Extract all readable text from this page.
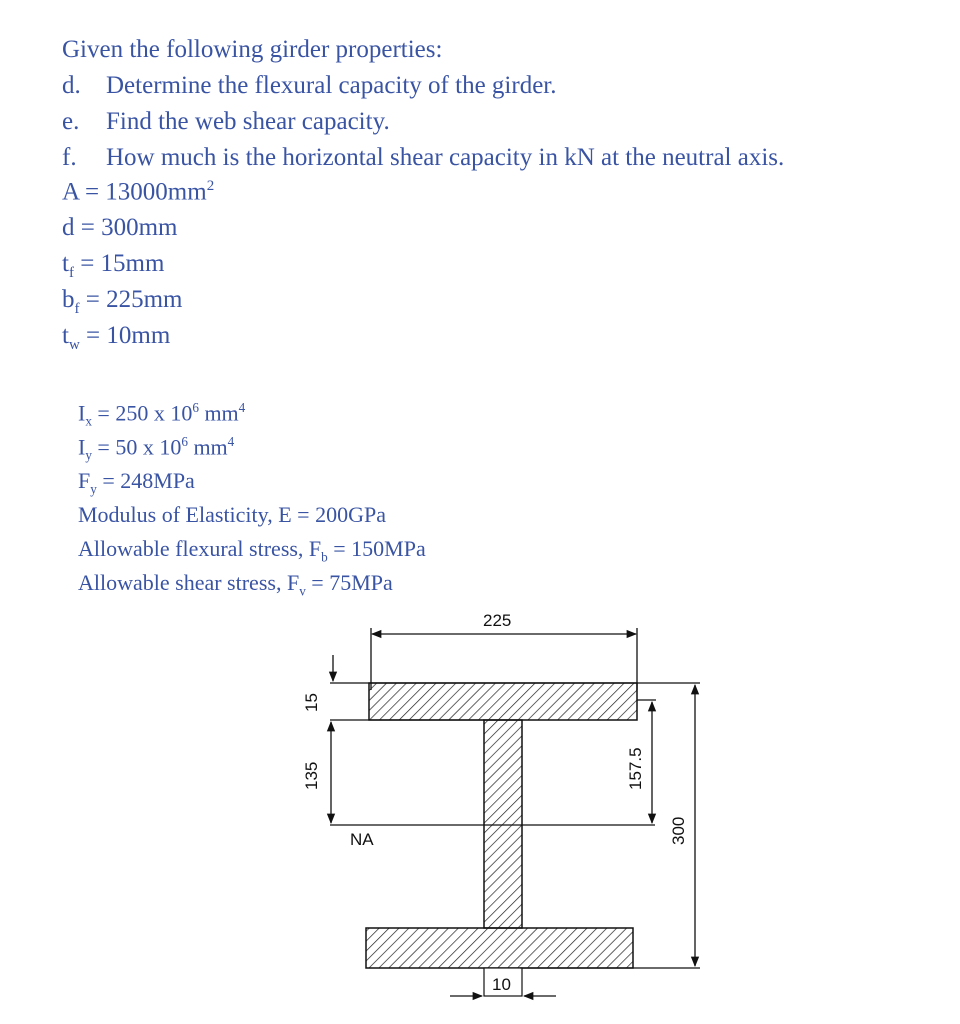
Given the following girder properties:
d. Determine the flexural capacity of the girder.
e. Find the web shear capacity.
f. How much is the horizontal shear capacity in kN at the neutral axis.
$A = 13000mm^2$
d = 300mm
$t_f = 15mm$
$b_f = 225mm$
$t_w = 10mm$
$I_x = 250$ x $10^6$ $mm^4$
$I_y = 50$ x $10^6$ $mm^4$
$F_y = 248MPa$
Modulus of Elasticity, E = 200GPa
Allowable flexural stress, $F_b = 150MPa$
Allowable shear stress, $F_v = 75MPa$
225
300
15
135
NA
157.5
10
